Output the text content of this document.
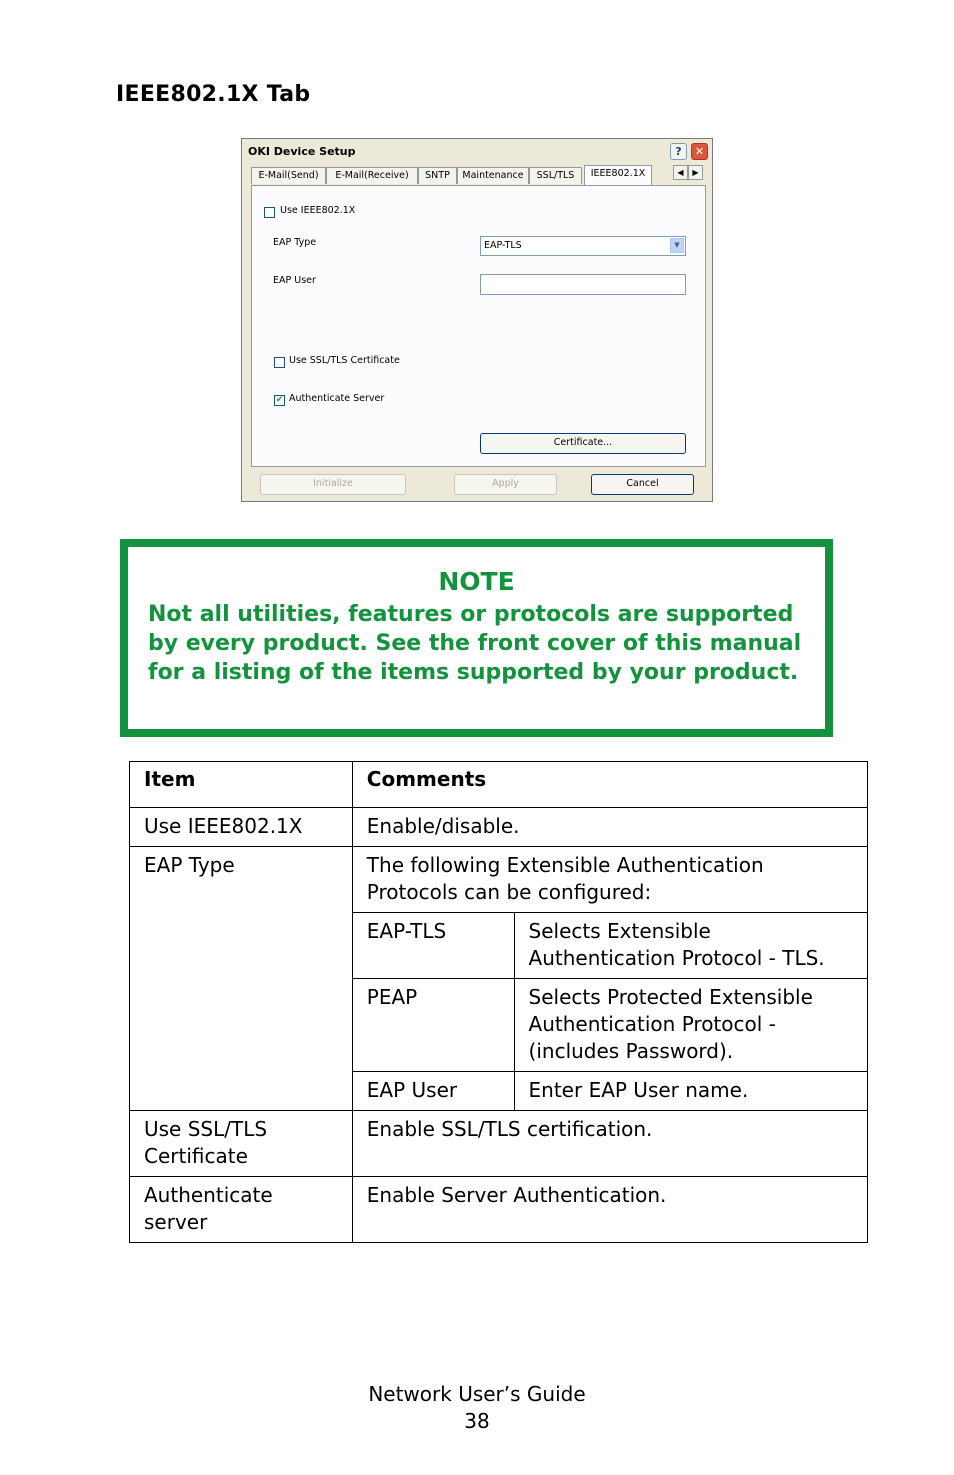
IEEE802.1X Tab
OKI Device Setup	?	✕
E-Mail(Send)	E-Mail(Receive)	SNTP	Maintenance	SSL/TLS	IEEE802.1X	◀	▶
Use IEEE802.1X
EAP Type	EAP-TLS	▼
EAP User
Use SSL/TLS Certificate
✔ Authenticate Server
Certificate...
Initialize	Apply	Cancel
NOTE
Not all utilities, features or protocols are supported by every product. See the front cover of this manual for a listing of the items supported by your product.
Item	Comments	
Use IEEE802.1X	Enable/disable.	
EAP Type	The following Extensible Authentication Protocols can be configured:	
	EAP-TLS	Selects Extensible Authentication Protocol - TLS.
	PEAP	Selects Protected Extensible Authentication Protocol - (includes Password).
	EAP User	Enter EAP User name.
Use SSL/TLS Certificate	Enable SSL/TLS certification.	
Authenticate server	Enable Server Authentication.	
Network User’s Guide
38
